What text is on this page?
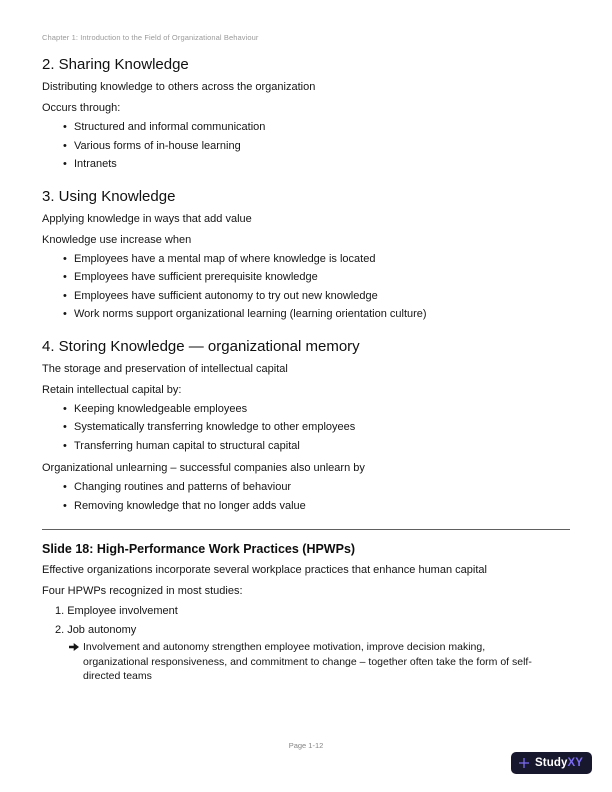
Chapter 1: Introduction to the Field of Organizational Behaviour
2. Sharing Knowledge

Distributing knowledge to others across the organization

Occurs through:

• Structured and informal communication
• Various forms of in-house learning
• Intranets
3. Using Knowledge

Applying knowledge in ways that add value

Knowledge use increase when

• Employees have a mental map of where knowledge is located
• Employees have sufficient prerequisite knowledge
• Employees have sufficient autonomy to try out new knowledge
• Work norms support organizational learning (learning orientation culture)
4. Storing Knowledge — organizational memory

The storage and preservation of intellectual capital

Retain intellectual capital by:

• Keeping knowledgeable employees
• Systematically transferring knowledge to other employees
• Transferring human capital to structural capital

Organizational unlearning – successful companies also unlearn by

• Changing routines and patterns of behaviour
• Removing knowledge that no longer adds value
Slide 18: High-Performance Work Practices (HPWPs)

Effective organizations incorporate several workplace practices that enhance human capital

Four HPWPs recognized in most studies:

1. Employee involvement
2. Job autonomy
Involvement and autonomy strengthen employee motivation, improve decision making, organizational responsiveness, and commitment to change – together often take the form of self-directed teams
Page 1-12
Study XY
